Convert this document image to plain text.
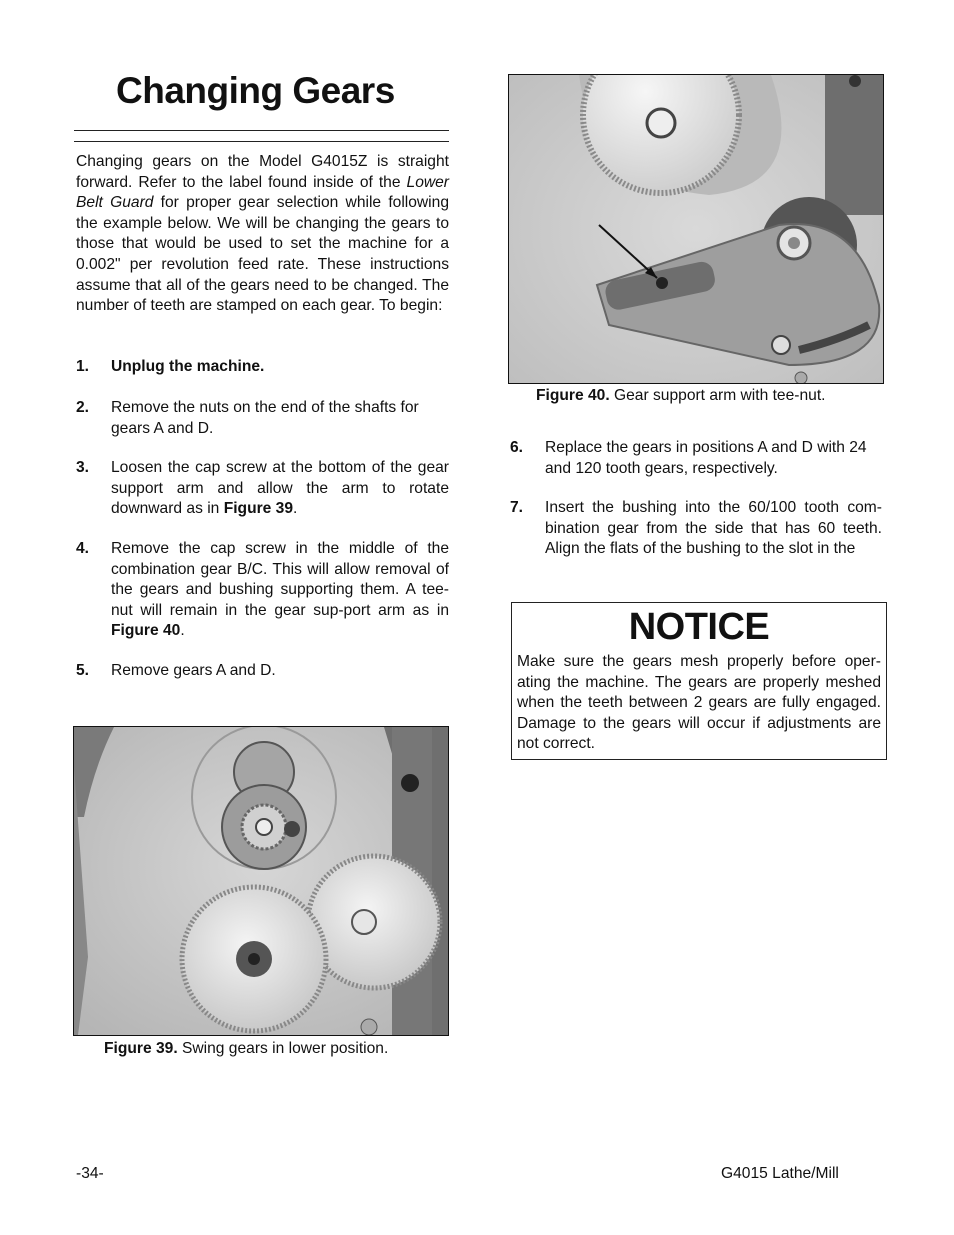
Changing Gears
Changing gears on the Model G4015Z is straight forward. Refer to the label found inside of the Lower Belt Guard for proper gear selection while following the example below. We will be changing the gears to those that would be used to set the machine for a 0.002" per revolution feed rate. These instructions assume that all of the gears need to be changed. The number of teeth are stamped on each gear. To begin:
1. Unplug the machine.
2. Remove the nuts on the end of the shafts for gears A and D.
3. Loosen the cap screw at the bottom of the gear support arm and allow the arm to rotate downward as in Figure 39.
4. Remove the cap screw in the middle of the combination gear B/C. This will allow removal of the gears and bushing supporting them. A tee-nut will remain in the gear sup-port arm as in Figure 40.
5. Remove gears A and D.
Figure 39. Swing gears in lower position.
Figure 40. Gear support arm with tee-nut.
6. Replace the gears in positions A and D with 24 and 120 tooth gears, respectively.
7. Insert the bushing into the 60/100 tooth com-bination gear from the side that has 60 teeth. Align the flats of the bushing to the slot in the
NOTICE
Make sure the gears mesh properly before oper-ating the machine. The gears are properly meshed when the teeth between 2 gears are fully engaged. Damage to the gears will occur if adjustments are not correct.
-34-	G4015 Lathe/Mill
